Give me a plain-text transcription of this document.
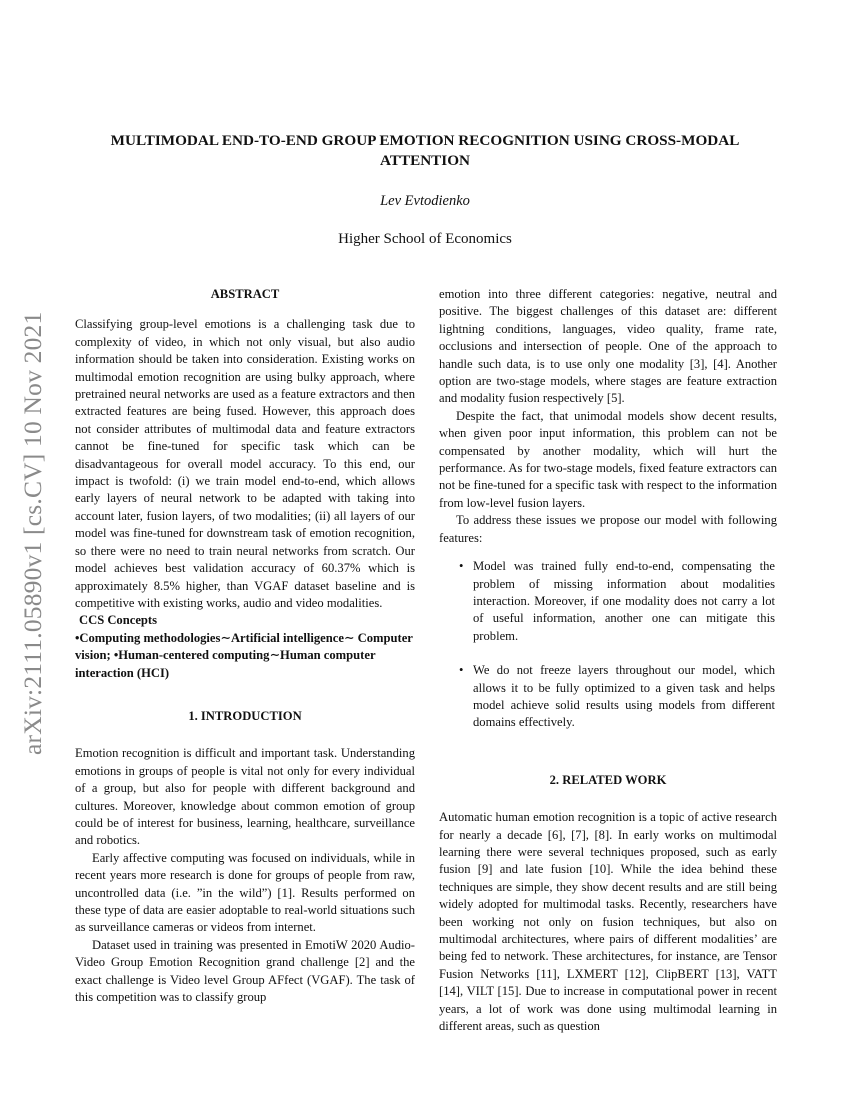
arXiv:2111.05890v1 [cs.CV] 10 Nov 2021
MULTIMODAL END-TO-END GROUP EMOTION RECOGNITION USING CROSS-MODAL
ATTENTION
Lev Evtodienko
Higher School of Economics
ABSTRACT

Classifying group-level emotions is a challenging task due to complexity of video, in which not only visual, but also audio information should be taken into consideration. Existing works on multimodal emotion recognition are using bulky approach, where pretrained neural networks are used as a feature extractors and then extracted features are being fused. However, this approach does not consider attributes of multimodal data and feature extractors cannot be fine-tuned for specific task which can be disadvantageous for overall model accuracy. To this end, our impact is twofold: (i) we train model end-to-end, which allows early layers of neural network to be adapted with taking into account later, fusion layers, of two modalities; (ii) all layers of our model was fine-tuned for downstream task of emotion recognition, so there were no need to train neural networks from scratch. Our model achieves best validation accuracy of 60.37% which is approximately 8.5% higher, than VGAF dataset baseline and is competitive with existing works, audio and video modalities.

CCS Concepts

•Computing methodologies∼Artificial intelligence∼ Computer vision; •Human-centered computing∼Human computer interaction (HCI)

1. INTRODUCTION

Emotion recognition is difficult and important task. Understanding emotions in groups of people is vital not only for every individual of a group, but also for people with different background and cultures. Moreover, knowledge about common emotion of group could be of interest for business, learning, healthcare, surveillance and robotics.

Early affective computing was focused on individuals, while in recent years more research is done for groups of people from raw, uncontrolled data (i.e. ”in the wild”) [1]. Results performed on these type of data are easier adoptable to real-world situations such as surveillance cameras or videos from internet.

Dataset used in training was presented in EmotiW 2020 Audio-Video Group Emotion Recognition grand challenge [2] and the exact challenge is Video level Group AFfect (VGAF). The task of this competition was to classify group

emotion into three different categories: negative, neutral and positive. The biggest challenges of this dataset are: different lightning conditions, languages, video quality, frame rate, occlusions and intersection of people. One of the approach to handle such data, is to use only one modality [3], [4]. Another option are two-stage models, where stages are feature extraction and modality fusion respectively [5].

Despite the fact, that unimodal models show decent results, when given poor input information, this problem can not be compensated by another modality, which will hurt the performance. As for two-stage models, fixed feature extractors can not be fine-tuned for a specific task with respect to the information from low-level fusion layers.

To address these issues we propose our model with following features:

• Model was trained fully end-to-end, compensating the problem of missing information about modalities interaction. Moreover, if one modality does not carry a lot of useful information, another one can mitigate this problem.
• We do not freeze layers throughout our model, which allows it to be fully optimized to a given task and helps model achieve solid results using models from different domains effectively.
2. RELATED WORK

Automatic human emotion recognition is a topic of active research for nearly a decade [6], [7], [8]. In early works on multimodal learning there were several techniques proposed, such as early fusion [9] and late fusion [10]. While the idea behind these techniques are simple, they show decent results and are still being widely adopted for multimodal tasks. Recently, researchers have been working not only on fusion techniques, but also on multimodal architectures, where pairs of different modalities’ are being fed to network. These architectures, for instance, are Tensor Fusion Networks [11], LXMERT [12], ClipBERT [13], VATT [14], VILT [15]. Due to increase in computational power in recent years, a lot of work was done using multimodal learning in different areas, such as question
